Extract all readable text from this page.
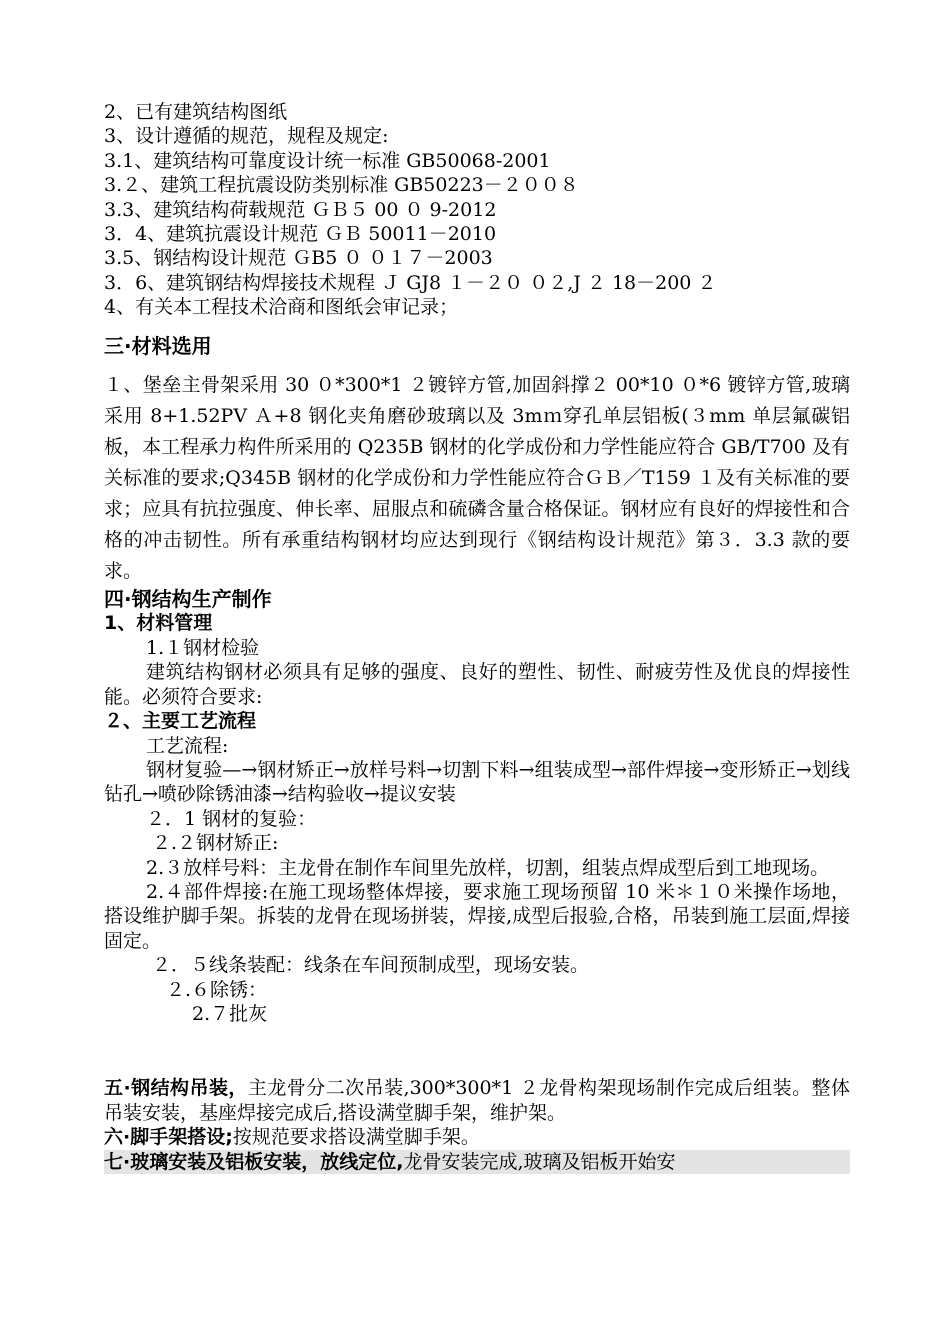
2、已有建筑结构图纸

3、设计遵循的规范，规程及规定:

3.1、建筑结构可靠度设计统一标准 GB50068-2001

3.２、建筑工程抗震设防类别标准 GB50223－２００８

3.3、建筑结构荷载规范 ＧＢ５ 00 ０ 9-2012

3．4、建筑抗震设计规范 ＧＢ 50011－2010

3.5、钢结构设计规范 ＧB5 ０ ０１７－2003

3．6、建筑钢结构焊接技术规程 Ｊ GJ8 １－２０ ０２,J ２ 18－200 ２

4、有关本工程技术洽商和图纸会审记录；

三·材料选用

１、堡垒主骨架采用 30 ０*300*1 ２镀锌方管,加固斜撑２ 00*10 ０*6 镀锌方管,玻璃采用 8+1.52PV Ａ+8 钢化夹角磨砂玻璃以及 3mｍ穿孔单层铝板(３mm 单层氟碳铝板，本工程承力构件所采用的 Q235B 钢材的化学成份和力学性能应符合 GB/T700 及有关标准的要求;Q345B 钢材的化学成份和力学性能应符合ＧＢ／T159 １及有关标准的要求；应具有抗拉强度、伸长率、屈服点和硫磷含量合格保证。钢材应有良好的焊接性和合格的冲击韧性。所有承重结构钢材均应达到现行《钢结构设计规范》第３．3.3 款的要求。

四·钢结构生产制作

1、材料管理

1.１钢材检验

建筑结构钢材必须具有足够的强度、良好的塑性、韧性、耐疲劳性及优良的焊接性能。必须符合要求:

２、主要工艺流程

工艺流程:

钢材复验—→钢材矫正→放样号料→切割下料→组装成型→部件焊接→变形矫正→划线钻孔→喷砂除锈油漆→结构验收→提议安装

２．1 钢材的复验：

２.２钢材矫正:

2.３放样号料：主龙骨在制作车间里先放样，切割，组装点焊成型后到工地现场。

2.４部件焊接:在施工现场整体焊接，要求施工现场预留 10 米＊１０米操作场地，搭设维护脚手架。拆装的龙骨在现场拼装，焊接,成型后报验,合格，吊装到施工层面,焊接固定。

２．５线条装配：线条在车间预制成型，现场安装。

２.６除锈：

2.７批灰

五·钢结构吊装，主龙骨分二次吊装,300*300*1 ２龙骨构架现场制作完成后组装。整体吊装安装，基座焊接完成后,搭设满堂脚手架，维护架。

六·脚手架搭设;按规范要求搭设满堂脚手架。

七·玻璃安装及铝板安装，放线定位,龙骨安装完成,玻璃及铝板开始安
